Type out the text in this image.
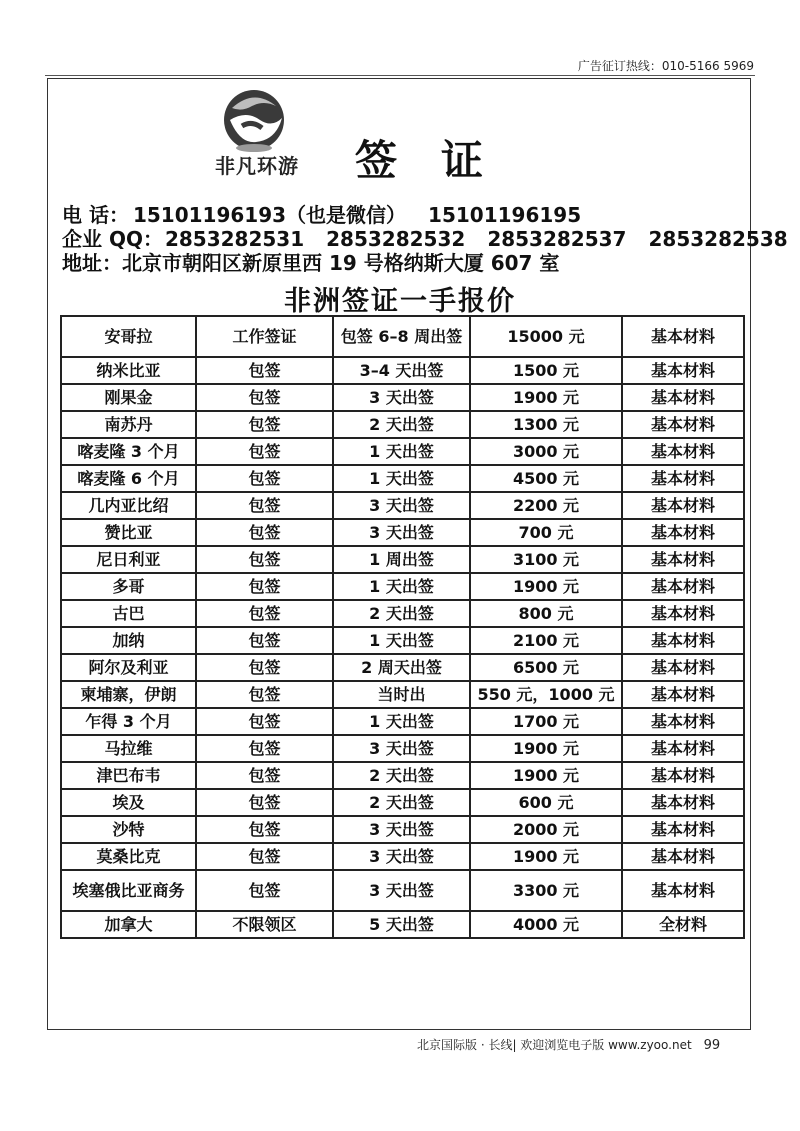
广告征订热线：010-5166 5969
非凡环游	签证
电 话： 15101196193（也是微信） 15101196195
企业 QQ： 2853282531 2853282532 2853282537 2853282538
地址：北京市朝阳区新原里西 19 号格纳斯大厦 607 室
非洲签证一手报价
安哥拉	工作签证	包签 6–8 周出签	15000 元	基本材料
纳米比亚	包签	3–4 天出签	1500 元	基本材料
刚果金	包签	3 天出签	1900 元	基本材料
南苏丹	包签	2 天出签	1300 元	基本材料
喀麦隆 3 个月	包签	1 天出签	3000 元	基本材料
喀麦隆 6 个月	包签	1 天出签	4500 元	基本材料
几内亚比绍	包签	3 天出签	2200 元	基本材料
赞比亚	包签	3 天出签	700 元	基本材料
尼日利亚	包签	1 周出签	3100 元	基本材料
多哥	包签	1 天出签	1900 元	基本材料
古巴	包签	2 天出签	800 元	基本材料
加纳	包签	1 天出签	2100 元	基本材料
阿尔及利亚	包签	2 周天出签	6500 元	基本材料
柬埔寨，伊朗	包签	当时出	550 元，1000 元	基本材料
乍得 3 个月	包签	1 天出签	1700 元	基本材料
马拉维	包签	3 天出签	1900 元	基本材料
津巴布韦	包签	2 天出签	1900 元	基本材料
埃及	包签	2 天出签	600 元	基本材料
沙特	包签	3 天出签	2000 元	基本材料
莫桑比克	包签	3 天出签	1900 元	基本材料
埃塞俄比亚商务	包签	3 天出签	3300 元	基本材料
加拿大	不限领区	5 天出签	4000 元	全材料
北京国际版 · 长线| 欢迎浏览电子版 www.zyoo.net 99
